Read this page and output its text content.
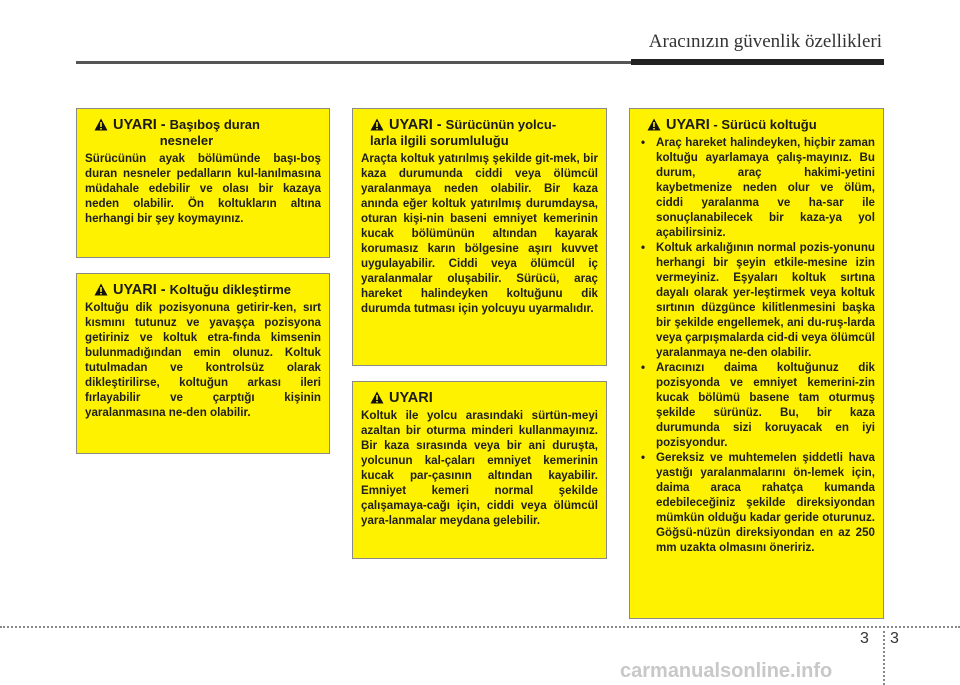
Aracınızın güvenlik özellikleri
UYARI - Başıboş duran
nesneler
Sürücünün ayak bölümünde başı-boş duran nesneler pedalların kul-lanılmasına müdahale edebilir ve olası bir kazaya neden olabilir. Ön koltukların altına herhangi bir şey koymayınız.
UYARI - Koltuğu dikleştirme
Koltuğu dik pozisyonuna getirir-ken, sırt kısmını tutunuz ve yavaşça pozisyona getiriniz ve koltuk etra-fında kimsenin bulunmadığından emin olunuz. Koltuk tutulmadan ve kontrolsüz olarak dikleştirilirse, koltuğun arkası ileri fırlayabilir ve çarptığı kişinin yaralanmasına ne-den olabilir.
UYARI - Sürücünün yolcu-
larla ilgili sorumluluğu
Araçta koltuk yatırılmış şekilde git-mek, bir kaza durumunda ciddi veya ölümcül yaralanmaya neden olabilir. Bir kaza anında eğer koltuk yatırılmış durumdaysa, oturan kişi-nin baseni emniyet kemerinin kucak bölümünün altından kayarak korumasız karın bölgesine aşırı kuvvet uygulayabilir. Ciddi veya ölümcül iç yaralanmalar oluşabilir. Sürücü, araç hareket halindeyken koltuğunu dik durumda tutması için yolcuyu uyarmalıdır.
UYARI
Koltuk ile yolcu arasındaki sürtün-meyi azaltan bir oturma minderi kullanmayınız. Bir kaza sırasında veya bir ani duruşta, yolcunun kal-çaları emniyet kemerinin kucak par-çasının altından kayabilir. Emniyet kemeri normal şekilde çalışamaya-cağı için, ciddi veya ölümcül yara-lanmalar meydana gelebilir.
UYARI - Sürücü koltuğu
• Araç hareket halindeyken, hiçbir zaman koltuğu ayarlamaya çalış-mayınız. Bu durum, araç hakimi-yetini kaybetmenize neden olur ve ölüm, ciddi yaralanma ve ha-sar ile sonuçlanabilecek bir kaza-ya yol açabilirsiniz.
• Koltuk arkalığının normal pozis-yonunu herhangi bir şeyin etkile-mesine izin vermeyiniz. Eşyaları koltuk sırtına dayalı olarak yer-leştirmek veya koltuk sırtının düzgünce kilitlenmesini başka bir şekilde engellemek, ani du-ruş-larda veya çarpışmalarda cid-di veya ölümcül yaralanmaya ne-den olabilir.
• Aracınızı daima koltuğunuz dik pozisyonda ve emniyet kemerini-zin kucak bölümü basene tam oturmuş şekilde sürünüz. Bu, bir kaza durumunda sizi koruyacak en iyi pozisyondur.
• Gereksiz ve muhtemelen şiddetli hava yastığı yaralanmalarını ön-lemek için, daima araca rahatça kumanda edebileceğiniz şekilde direksiyondan mümkün olduğu kadar geride oturunuz. Göğsü-nüzün direksiyondan en az 250 mm uzakta olmasını öneririz.
3 3
carmanualsonline.info
